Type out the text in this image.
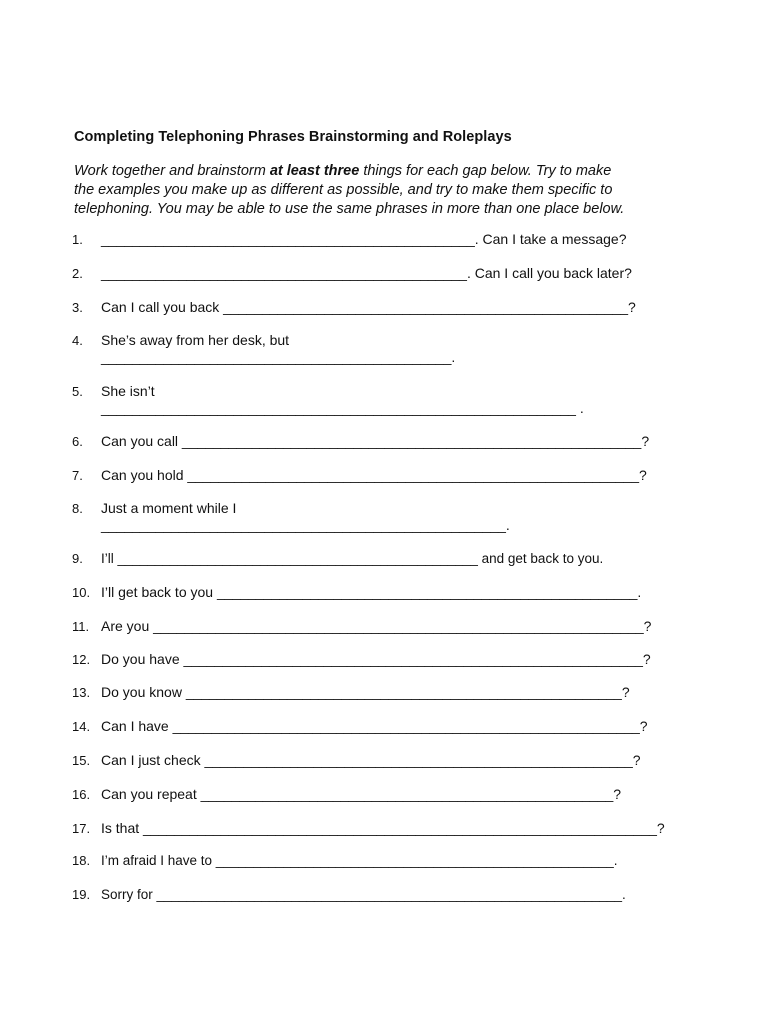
Completing Telephoning Phrases Brainstorming and Roleplays
Work together and brainstorm at least three things for each gap below. Try to make
the examples you make up as different as possible, and try to make them specific to
telephoning. You may be able to use the same phrases in more than one place below.
1. ________________________________________________. Can I take a message?
2. _______________________________________________. Can I call you back later?
3. Can I call you back ____________________________________________________?
4. She’s away from her desk, but
_____________________________________________.
5. She isn’t
_____________________________________________________________ .
6. Can you call ___________________________________________________________?
7. Can you hold __________________________________________________________?
8. Just a moment while I
____________________________________________________.
9. I’ll ________________________________________________ and get back to you.
10. I’ll get back to you ______________________________________________________.
11. Are you _______________________________________________________________?
12. Do you have ___________________________________________________________?
13. Do you know ________________________________________________________?
14. Can I have ____________________________________________________________?
15. Can I just check _______________________________________________________?
16. Can you repeat _____________________________________________________?
17. Is that __________________________________________________________________?
18. I’m afraid I have to _____________________________________________________.
19. Sorry for ______________________________________________________________.
